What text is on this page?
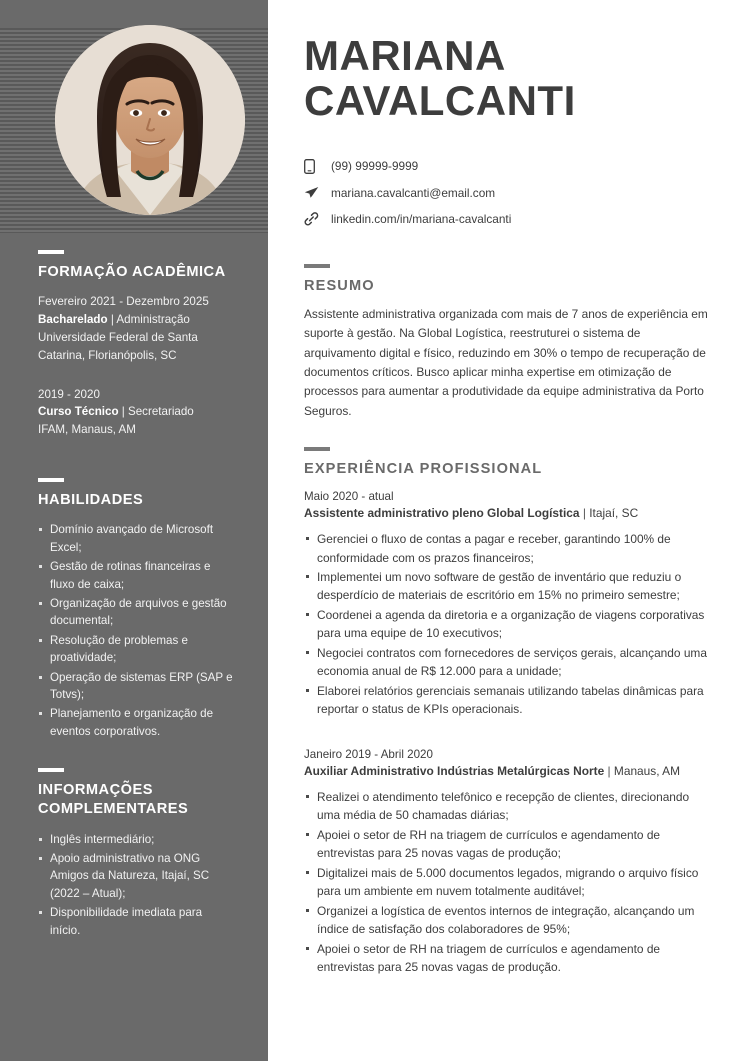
FORMAÇÃO ACADÊMICA
Fevereiro 2021 - Dezembro 2025
Bacharelado | Administração
Universidade Federal de Santa Catarina, Florianópolis, SC
2019 - 2020
Curso Técnico | Secretariado
IFAM, Manaus, AM
HABILIDADES
Domínio avançado de Microsoft Excel;
Gestão de rotinas financeiras e fluxo de caixa;
Organização de arquivos e gestão documental;
Resolução de problemas e proatividade;
Operação de sistemas ERP (SAP e Totvs);
Planejamento e organização de eventos corporativos.
INFORMAÇÕES COMPLEMENTARES
Inglês intermediário;
Apoio administrativo na ONG Amigos da Natureza, Itajaí, SC (2022 – Atual);
Disponibilidade imediata para início.
MARIANA
CAVALCANTI
(99) 99999-9999
mariana.cavalcanti@email.com
linkedin.com/in/mariana-cavalcanti
RESUMO

Assistente administrativa organizada com mais de 7 anos de experiência em suporte à gestão. Na Global Logística, reestruturei o sistema de arquivamento digital e físico, reduzindo em 30% o tempo de recuperação de documentos críticos. Busco aplicar minha expertise em otimização de processos para aumentar a produtividade da equipe administrativa da Porto Seguros.

EXPERIÊNCIA PROFISSIONAL
Maio 2020 - atual
Assistente administrativo pleno Global Logística | Itajaí, SC
Gerenciei o fluxo de contas a pagar e receber, garantindo 100% de conformidade com os prazos financeiros;
Implementei um novo software de gestão de inventário que reduziu o desperdício de materiais de escritório em 15% no primeiro semestre;
Coordenei a agenda da diretoria e a organização de viagens corporativas para uma equipe de 10 executivos;
Negociei contratos com fornecedores de serviços gerais, alcançando uma economia anual de R$ 12.000 para a unidade;
Elaborei relatórios gerenciais semanais utilizando tabelas dinâmicas para reportar o status de KPIs operacionais.
Janeiro 2019 - Abril 2020
Auxiliar Administrativo Indústrias Metalúrgicas Norte | Manaus, AM
Realizei o atendimento telefônico e recepção de clientes, direcionando uma média de 50 chamadas diárias;
Apoiei o setor de RH na triagem de currículos e agendamento de entrevistas para 25 novas vagas de produção;
Digitalizei mais de 5.000 documentos legados, migrando o arquivo físico para um ambiente em nuvem totalmente auditável;
Organizei a logística de eventos internos de integração, alcançando um índice de satisfação dos colaboradores de 95%;
Apoiei o setor de RH na triagem de currículos e agendamento de entrevistas para 25 novas vagas de produção.
